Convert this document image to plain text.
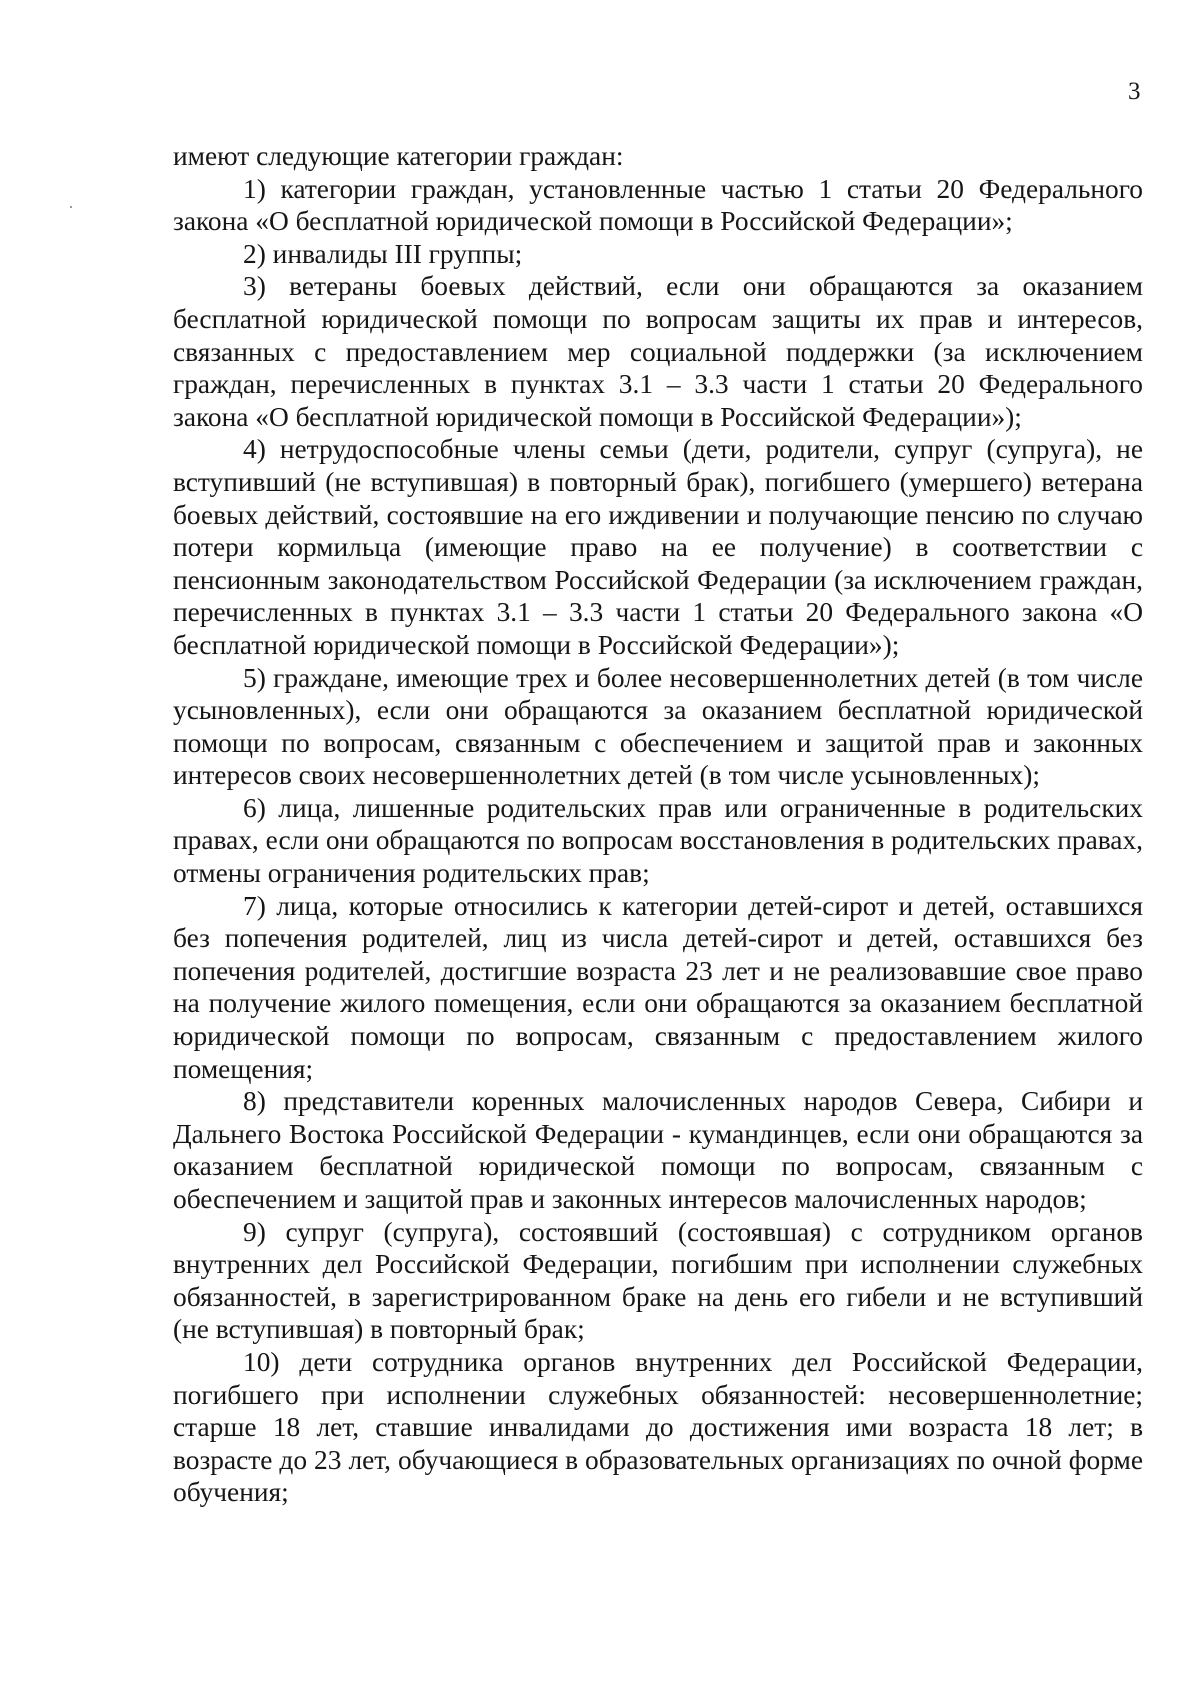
3

имеют следующие категории граждан:

1) категории граждан, установленные частью 1 статьи 20 Федерального закона «О бесплатной юридической помощи в Российской Федерации»;

2) инвалиды III группы;

3) ветераны боевых действий, если они обращаются за оказанием бесплатной юридической помощи по вопросам защиты их прав и интересов, связанных с предоставлением мер социальной поддержки (за исключением граждан, перечисленных в пунктах 3.1 – 3.3 части 1 статьи 20 Федерального закона «О бесплатной юридической помощи в Российской Федерации»);

4) нетрудоспособные члены семьи (дети, родители, супруг (супруга), не вступивший (не вступившая) в повторный брак), погибшего (умершего) ветерана боевых действий, состоявшие на его иждивении и получающие пенсию по случаю потери кормильца (имеющие право на ее получение) в соответствии с пенсионным законодательством Российской Федерации (за исключением граждан, перечисленных в пунктах 3.1 – 3.3 части 1 статьи 20 Федерального закона «О бесплатной юридической помощи в Российской Федерации»);

5) граждане, имеющие трех и более несовершеннолетних детей (в том числе усыновленных), если они обращаются за оказанием бесплатной юридической помощи по вопросам, связанным с обеспечением и защитой прав и законных интересов своих несовершеннолетних детей (в том числе усыновленных);

6) лица, лишенные родительских прав или ограниченные в родительских правах, если они обращаются по вопросам восстановления в родительских правах, отмены ограничения родительских прав;

7) лица, которые относились к категории детей-сирот и детей, оставшихся без попечения родителей, лиц из числа детей-сирот и детей, оставшихся без попечения родителей, достигшие возраста 23 лет и не реализовавшие свое право на получение жилого помещения, если они обращаются за оказанием бесплатной юридической помощи по вопросам, связанным с предоставлением жилого помещения;

8) представители коренных малочисленных народов Севера, Сибири и Дальнего Востока Российской Федерации - кумандинцев, если они обращаются за оказанием бесплатной юридической помощи по вопросам, связанным с обеспечением и защитой прав и законных интересов малочисленных народов;

9) супруг (супруга), состоявший (состоявшая) с сотрудником органов внутренних дел Российской Федерации, погибшим при исполнении служебных обязанностей, в зарегистрированном браке на день его гибели и не вступивший (не вступившая) в повторный брак;

10) дети сотрудника органов внутренних дел Российской Федерации, погибшего при исполнении служебных обязанностей: несовершеннолетние; старше 18 лет, ставшие инвалидами до достижения ими возраста 18 лет; в возрасте до 23 лет, обучающиеся в образовательных организациях по очной форме обучения;
